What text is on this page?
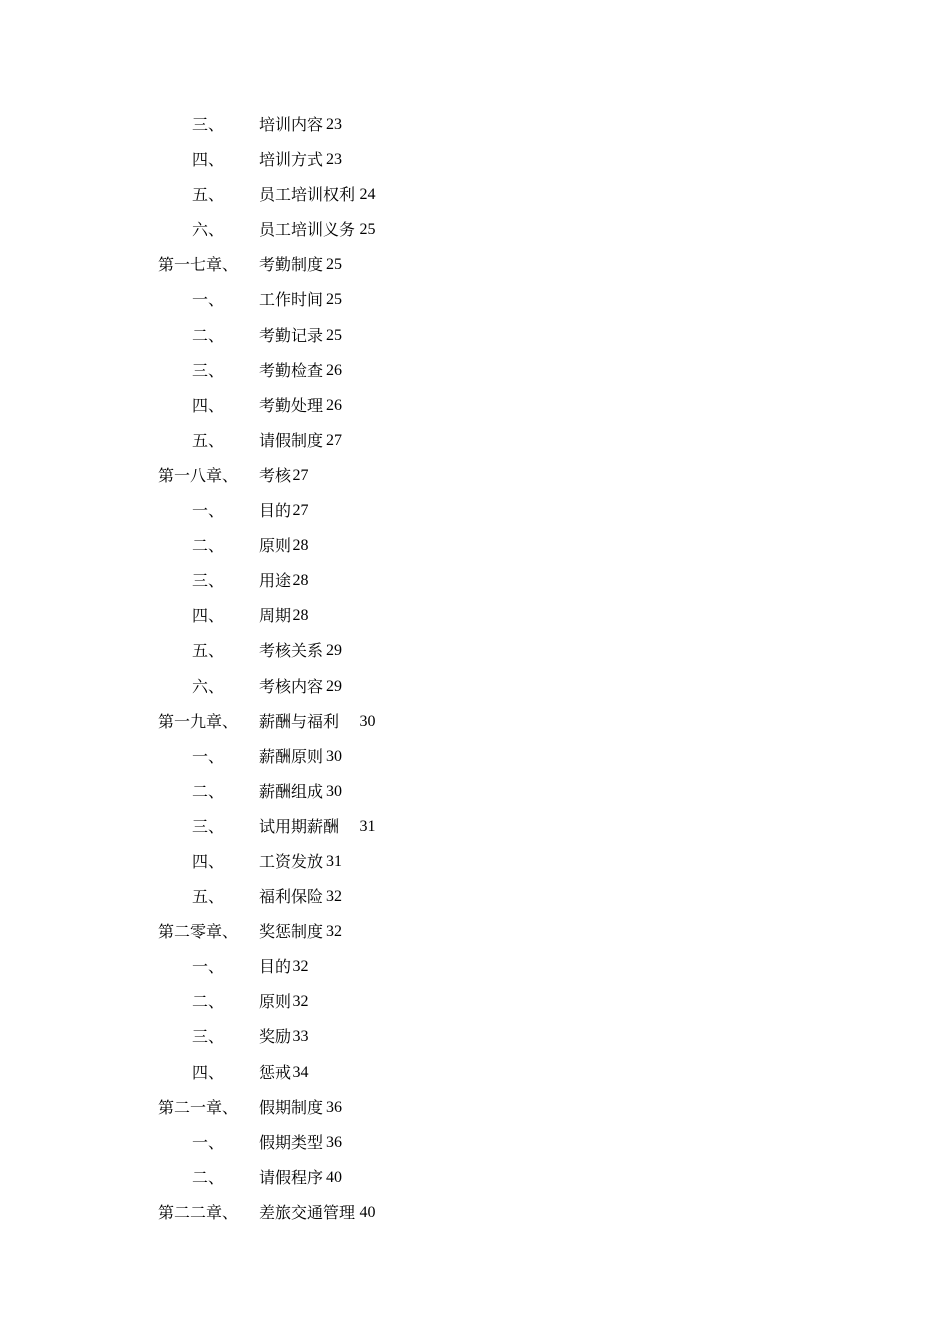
三、 培训内容 23
四、 培训方式 23
五、 员工培训权利 24
六、 员工培训义务 25
第一七章、 考勤制度 25
一、 工作时间 25
二、 考勤记录 25
三、 考勤检查 26
四、 考勤处理 26
五、 请假制度 27
第一八章、 考核 27
一、 目的 27
二、 原则 28
三、 用途 28
四、 周期 28
五、 考核关系 29
六、 考核内容 29
第一九章、 薪酬与福利 30
一、 薪酬原则 30
二、 薪酬组成 30
三、 试用期薪酬 31
四、 工资发放 31
五、 福利保险 32
第二零章、 奖惩制度 32
一、 目的 32
二、 原则 32
三、 奖励 33
四、 惩戒 34
第二一章、 假期制度 36
一、 假期类型 36
二、 请假程序 40
第二二章、 差旅交通管理 40
